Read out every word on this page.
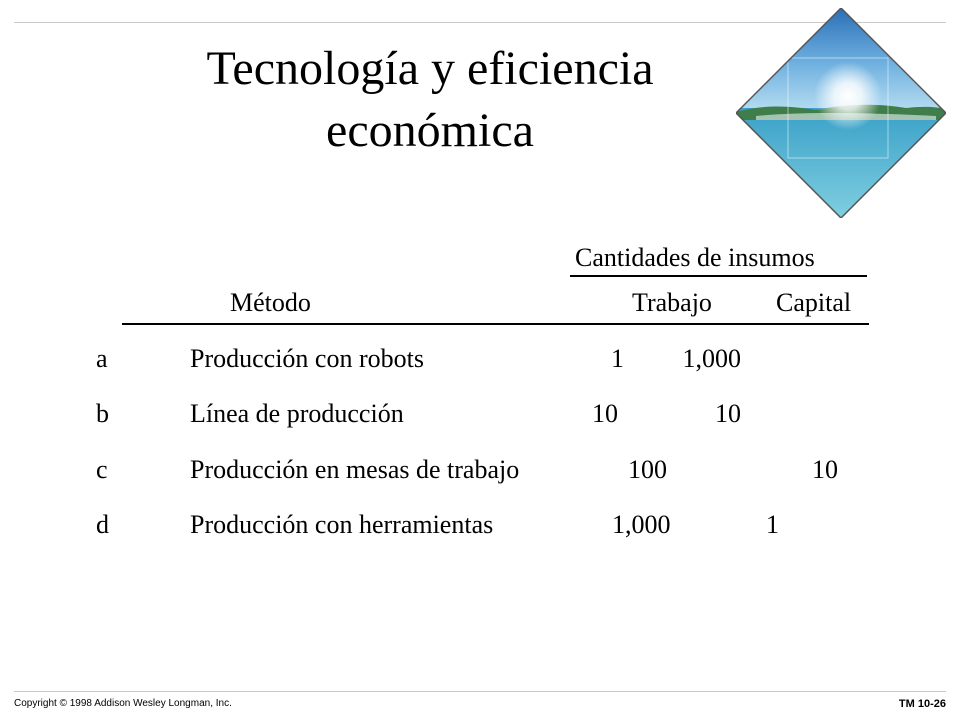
Tecnología y eficiencia
económica
Cantidades de insumos
Método	Trabajo Capital
a	Producción con robots	1	1,000
b	Línea de producción	10	10
c	Producción en mesas de trabajo	100	10
d	Producción con herramientas	1,000	1
Copyright © 1998 Addison Wesley Longman, Inc.	TM 10-26
